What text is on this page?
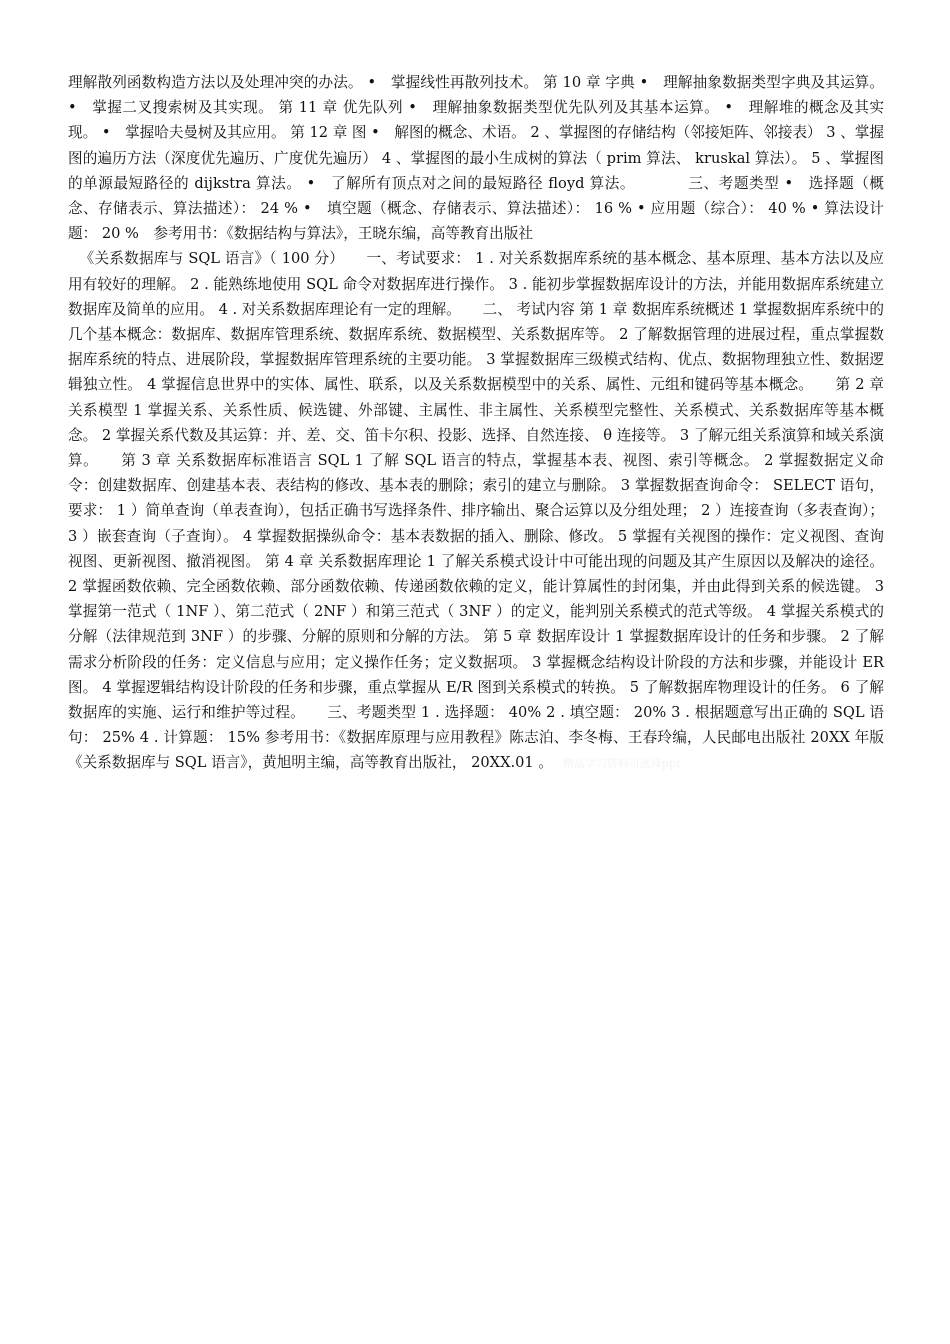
理解散列函数构造方法以及处理冲突的办法。 •　掌握线性再散列技术。 第 10 章 字典 •　理解抽象数据类型字典及其运算。 •　掌握二叉搜索树及其实现。 第 11 章 优先队列 •　理解抽象数据类型优先队列及其基本运算。 •　理解堆的概念及其实现。 •　掌握哈夫曼树及其应用。 第 12 章 图 •　解图的概念、术语。 2 、掌握图的存储结构（邻接矩阵、邻接表） 3 、掌握图的遍历方法（深度优先遍历、广度优先遍历） 4 、掌握图的最小生成树的算法（ prim 算法、 kruskal 算法）。 5 、掌握图的单源最短路径的 dijkstra 算法。 •　了解所有顶点对之间的最短路径 floyd 算法。　　　　三、考题类型 •　选择题（概念、存储表示、算法描述）： 24 % •　填空题（概念、存储表示、算法描述）： 16 % • 应用题（综合）： 40 % • 算法设计题： 20 %　参考用书：《数据结构与算法》，王晓东编，高等教育出版社

《关系数据库与 SQL 语言》（ 100 分）　　一、考试要求： 1 . 对关系数据库系统的基本概念、基本原理、基本方法以及应用有较好的理解。 2 . 能熟练地使用 SQL 命令对数据库进行操作。 3 . 能初步掌握数据库设计的方法，并能用数据库系统建立数据库及简单的应用。 4 . 对关系数据库理论有一定的理解。　　二、 考试内容 第 1 章 数据库系统概述 1 掌握数据库系统中的几个基本概念：数据库、数据库管理系统、数据库系统、数据模型、关系数据库等。 2 了解数据管理的进展过程，重点掌握数据库系统的特点、进展阶段，掌握数据库管理系统的主要功能。 3 掌握数据库三级模式结构、优点、数据物理独立性、数据逻辑独立性。 4 掌握信息世界中的实体、属性、联系，以及关系数据模型中的关系、属性、元组和键码等基本概念。　　第 2 章 关系模型 1 掌握关系、关系性质、候选键、外部键、主属性、非主属性、关系模型完整性、关系模式、关系数据库等基本概念。 2 掌握关系代数及其运算：并、差、交、笛卡尔积、投影、选择、自然连接、 θ 连接等。 3 了解元组关系演算和域关系演算。　　第 3 章 关系数据库标准语言 SQL 1 了解 SQL 语言的特点，掌握基本表、视图、索引等概念。 2 掌握数据定义命令：创建数据库、创建基本表、表结构的修改、基本表的删除；索引的建立与删除。 3 掌握数据查询命令： SELECT 语句，要求： 1 ）简单查询（单表查询），包括正确书写选择条件、排序输出、聚合运算以及分组处理； 2 ）连接查询（多表查询）； 3 ）嵌套查询（子查询）。 4 掌握数据操纵命令：基本表数据的插入、删除、修改。 5 掌握有关视图的操作：定义视图、查询视图、更新视图、撤消视图。 第 4 章 关系数据库理论 1 了解关系模式设计中可能出现的问题及其产生原因以及解决的途径。 2 掌握函数依赖、完全函数依赖、部分函数依赖、传递函数依赖的定义，能计算属性的封闭集，并由此得到关系的候选键。 3 掌握第一范式（ 1NF ）、第二范式（ 2NF ）和第三范式（ 3NF ）的定义，能判别关系模式的范式等级。 4 掌握关系模式的分解（法律规范到 3NF ）的步骤、分解的原则和分解的方法。 第 5 章 数据库设计 1 掌握数据库设计的任务和步骤。 2 了解需求分析阶段的任务：定义信息与应用；定义操作任务；定义数据项。 3 掌握概念结构设计阶段的方法和步骤，并能设计 ER 图。 4 掌握逻辑结构设计阶段的任务和步骤，重点掌握从 E/R 图到关系模式的转换。 5 了解数据库物理设计的任务。 6 了解数据库的实施、运行和维护等过程。　　三、考题类型 1 . 选择题： 40% 2 . 填空题： 20% 3 . 根据题意写出正确的 SQL 语句： 25% 4 . 计算题： 15% 参考用书：《数据库原理与应用教程》陈志泊、李冬梅、王春玲编，人民邮电出版社 20XX 年版《关系数据库与 SQL 语言》，黄旭明主编，高等教育出版社， 20XX.01 。 精品学习资料可选择ppt
